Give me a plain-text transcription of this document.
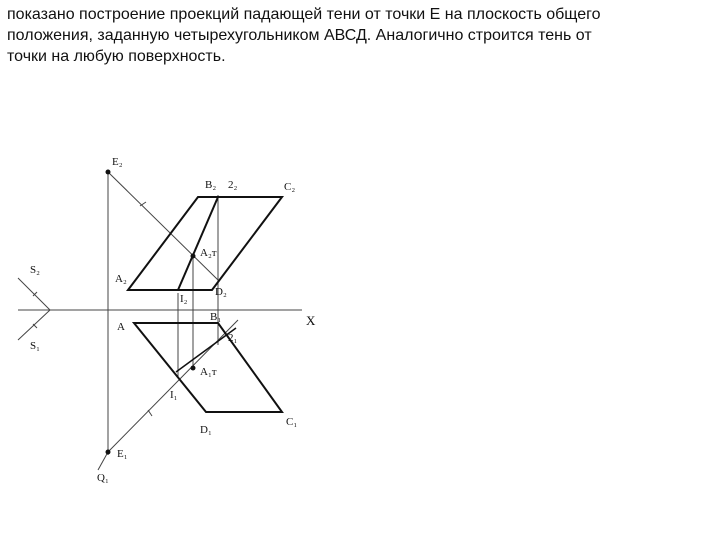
показано построение проекций падающей тени от точки Е на плоскость общего

положения, заданную четырехугольником АВСД. Аналогично строится тень от

точки на любую поверхность.

E₂
B₂ 2₂	C₂
A₂т
S₂
A₂
D₂
I₂
X
A
B₁
2₁
S₁
A₁т
I₁
C₁
D₁
E₁
Q₁
